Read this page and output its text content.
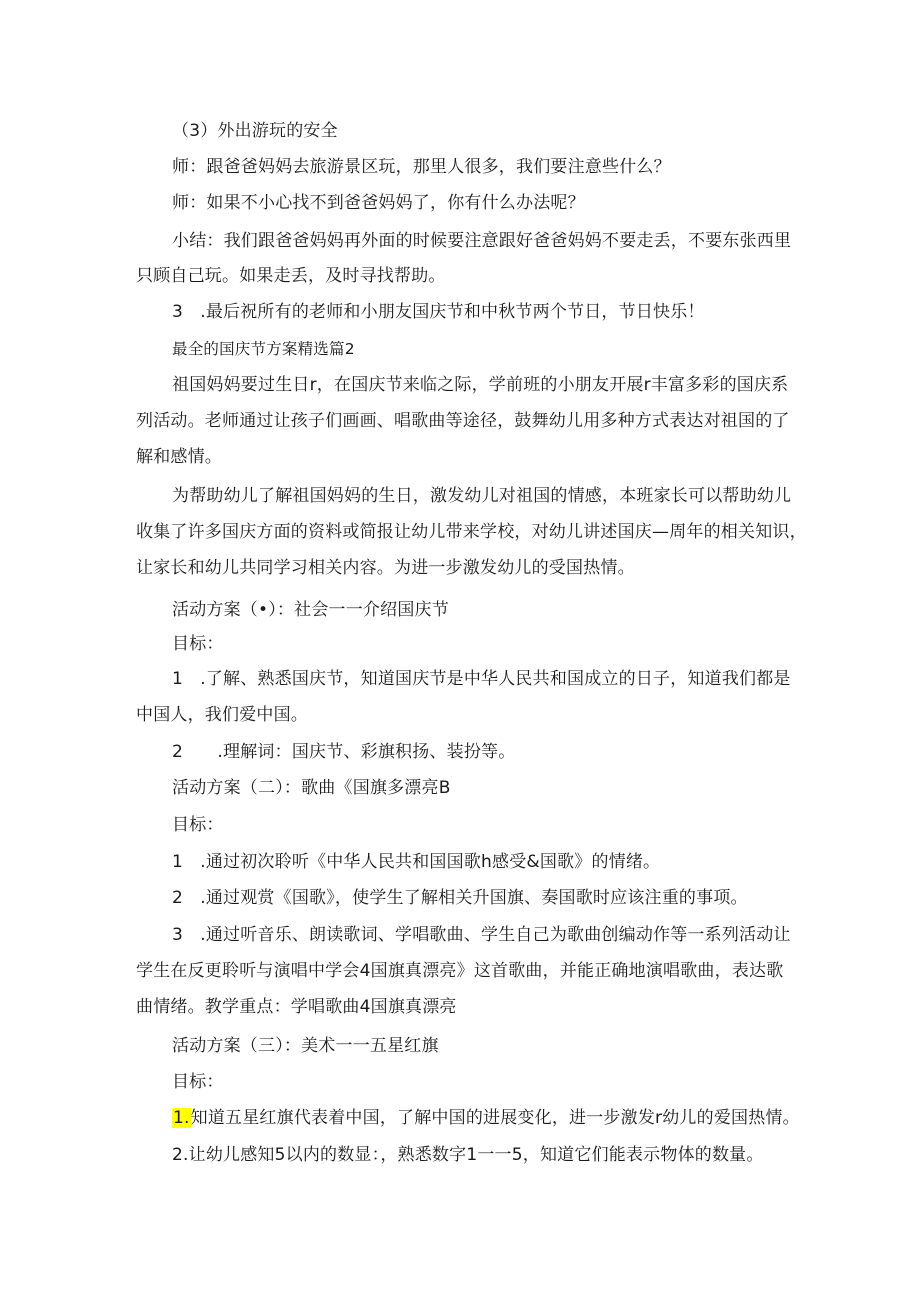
（3）外出游玩的安全
师：跟爸爸妈妈去旅游景区玩，那里人很多，我们要注意些什么？
师：如果不小心找不到爸爸妈妈了，你有什么办法呢？
小结：我们跟爸爸妈妈再外面的时候要注意跟好爸爸妈妈不要走丢，不要东张西里
只顾自己玩。如果走丢，及时寻找帮助。
3　.最后祝所有的老师和小朋友国庆节和中秋节两个节日，节日快乐！
最全的国庆节方案精选篇2
祖国妈妈要过生日r，在国庆节来临之际，学前班的小朋友开展r丰富多彩的国庆系
列活动。老师通过让孩子们画画、唱歌曲等途径，鼓舞幼儿用多种方式表达对祖国的了
解和感情。
为帮助幼儿了解祖国妈妈的生日，激发幼儿对祖国的情感，本班家长可以帮助幼儿
收集了许多国庆方面的资料或简报让幼儿带来学校，对幼儿讲述国庆—周年的相关知识，
让家长和幼儿共同学习相关内容。为进一步激发幼儿的受国热情。
活动方案（•）：社会一一介绍国庆节
目标：
1　.了解、熟悉国庆节，知道国庆节是中华人民共和国成立的日子，知道我们都是
中国人，我们爱中国。
2　　.理解词：国庆节、彩旗积扬、装扮等。
活动方案（二）：歌曲《国旗多漂亮B
目标：
1　.通过初次聆听《中华人民共和国国歌h感受&国歌》的情绪。
2　.通过观赏《国歌》，使学生了解相关升国旗、奏国歌时应该注重的事项。
3　.通过听音乐、朗读歌词、学唱歌曲、学生自己为歌曲创编动作等一系列活动让
学生在反更聆听与演唱中学会4国旗真漂亮》这首歌曲，并能正确地演唱歌曲，表达歌
曲情绪。教学重点：学唱歌曲4国旗真漂亮
活动方案（三）：美术一一五星红旗
目标：
1.知道五星红旗代表着中国，了解中国的进展变化，进一步激发r幼儿的爱国热情。
2.让幼儿感知5以内的数显：，熟悉数字1一一5，知道它们能表示物体的数量。
